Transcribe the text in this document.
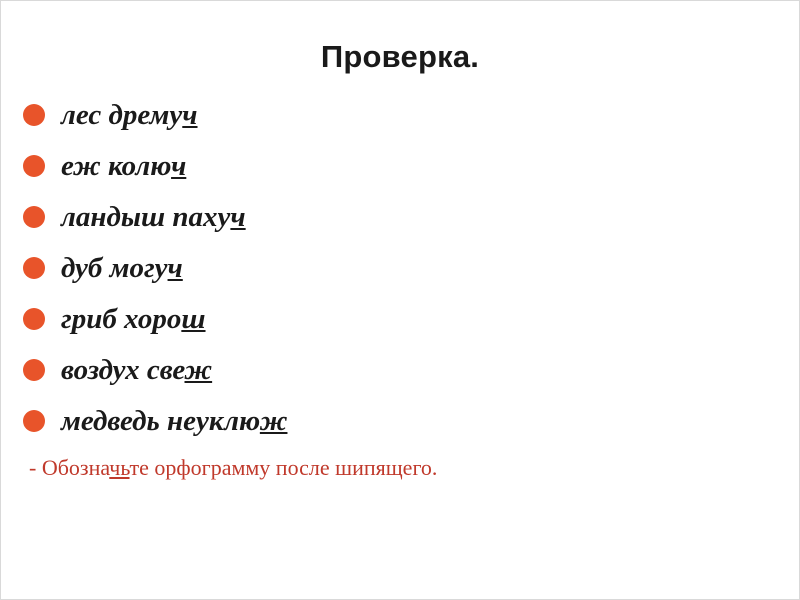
Проверка.
лес дремуч
еж колюч
ландыш пахуч
дуб могуч
гриб хорош
воздух свеж
медведь неуклюж
- Обозначьте орфограмму после шипящего.
